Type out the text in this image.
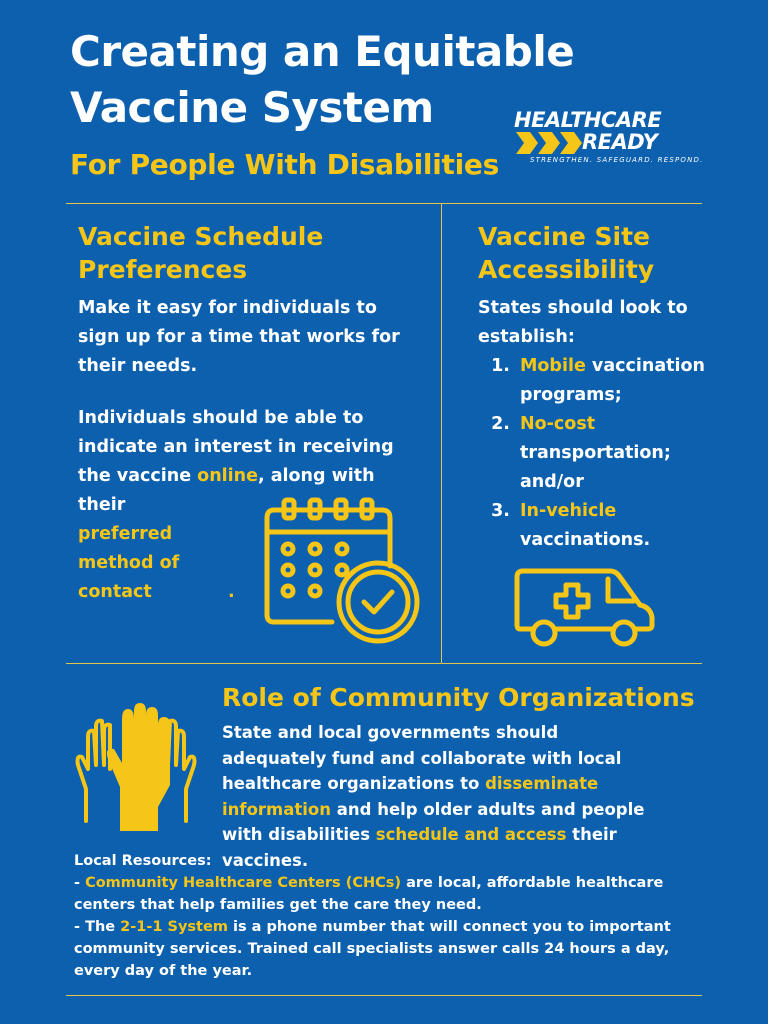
Creating an Equitable
Vaccine System
For People With Disabilities
HEALTHCARE
READY
STRENGTHEN. SAFEGUARD. RESPOND.
Vaccine Schedule
Preferences
Make it easy for individuals to sign up for a time that works for their needs.
Individuals should be able to indicate an interest in receiving the vaccine online, along with their
preferred method of contact	.
Vaccine Site
Accessibility
States should look to establish:
1. Mobile vaccination programs;
2. No-cost transportation; and/or
3. In-vehicle vaccinations.
Role of Community Organizations
State and local governments should adequately fund and collaborate with local healthcare organizations to disseminate information and help older adults and people with disabilities schedule and access their vaccines.
Local Resources:
- Community Healthcare Centers (CHCs) are local, affordable healthcare centers that help families get the care they need.
- The 2-1-1 System is a phone number that will connect you to important community services. Trained call specialists answer calls 24 hours a day, every day of the year.
